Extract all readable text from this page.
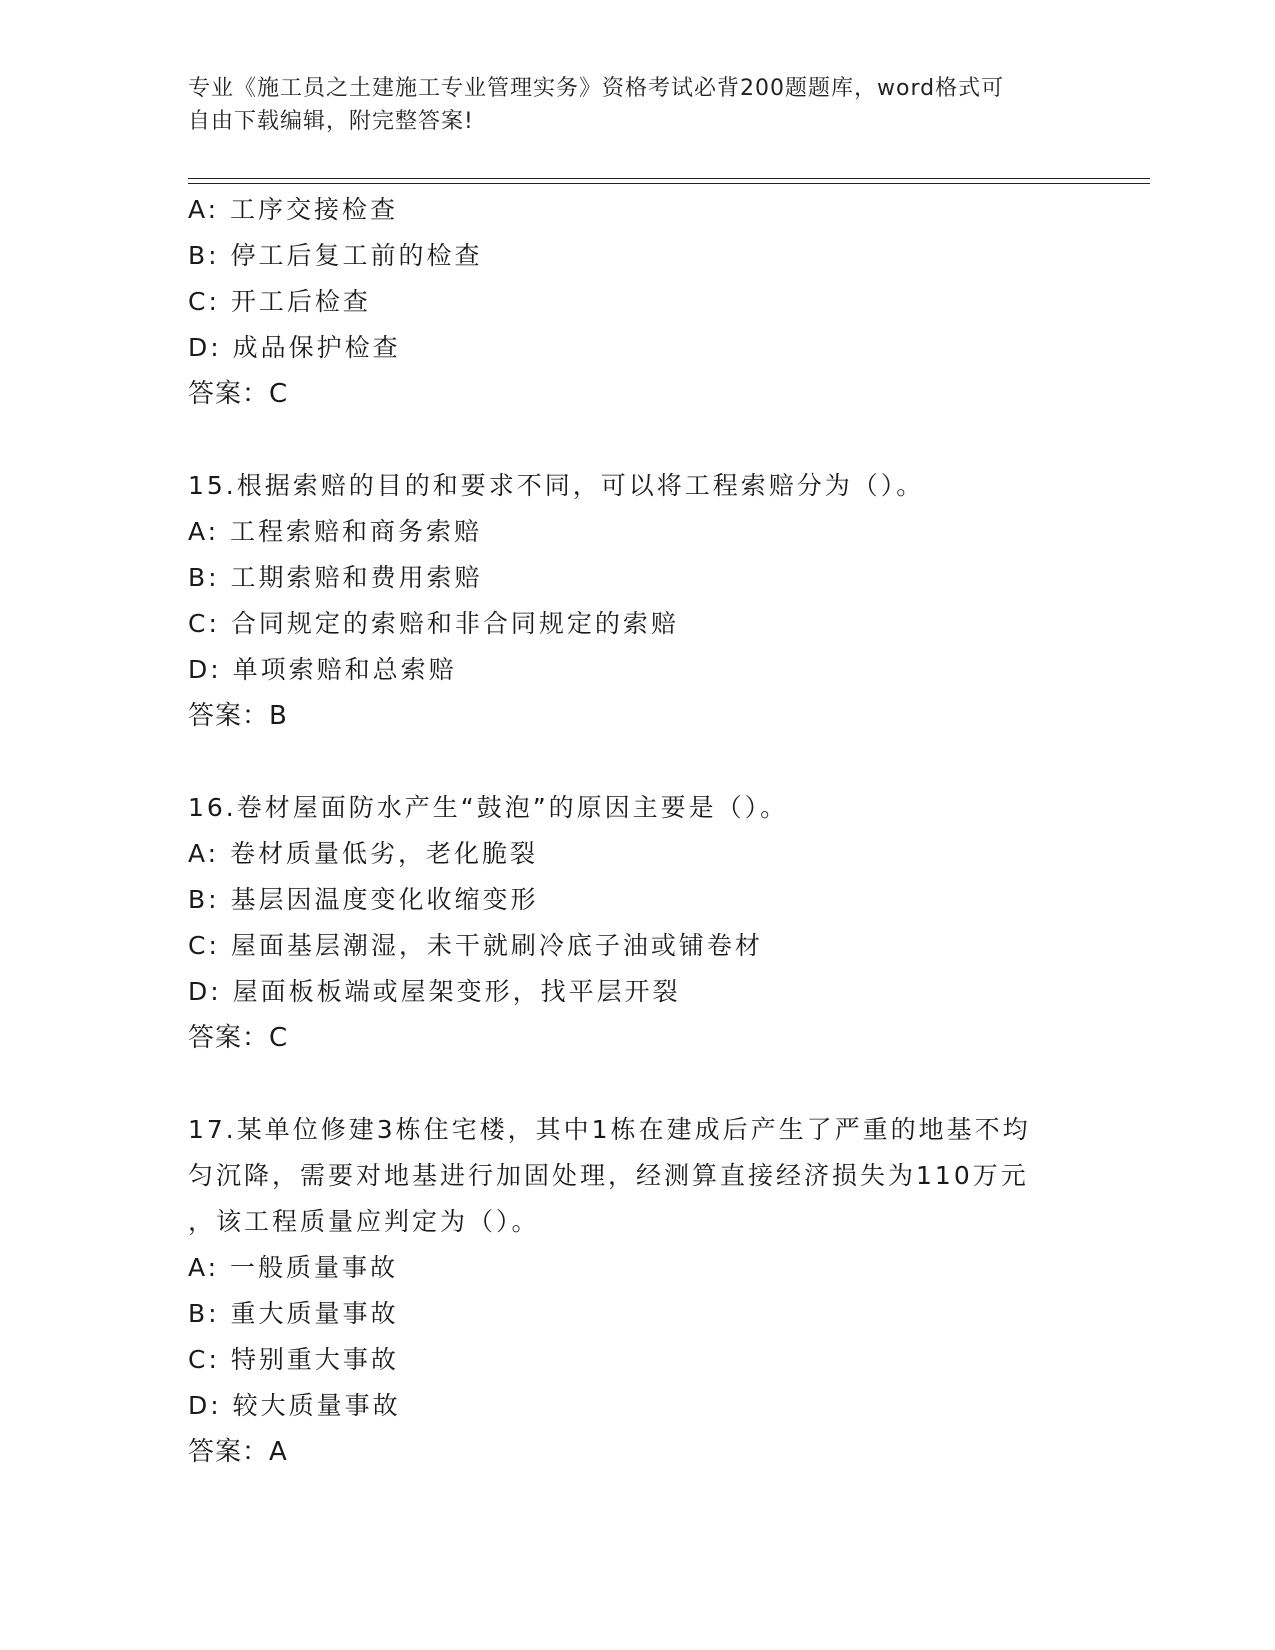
专业《施工员之土建施工专业管理实务》资格考试必背200题题库，word格式可
自由下载编辑，附完整答案!
A: 工序交接检查
B: 停工后复工前的检查
C: 开工后检查
D: 成品保护检查
答案：C
15.根据索赔的目的和要求不同，可以将工程索赔分为（）。
A: 工程索赔和商务索赔
B: 工期索赔和费用索赔
C: 合同规定的索赔和非合同规定的索赔
D: 单项索赔和总索赔
答案：B
16.卷材屋面防水产生“鼓泡”的原因主要是（）。
A: 卷材质量低劣，老化脆裂
B: 基层因温度变化收缩变形
C: 屋面基层潮湿，未干就刷冷底子油或铺卷材
D: 屋面板板端或屋架变形，找平层开裂
答案：C
17.某单位修建3栋住宅楼，其中1栋在建成后产生了严重的地基不均
匀沉降，需要对地基进行加固处理，经测算直接经济损失为110万元
，该工程质量应判定为（）。
A: 一般质量事故
B: 重大质量事故
C: 特别重大事故
D: 较大质量事故
答案：A
